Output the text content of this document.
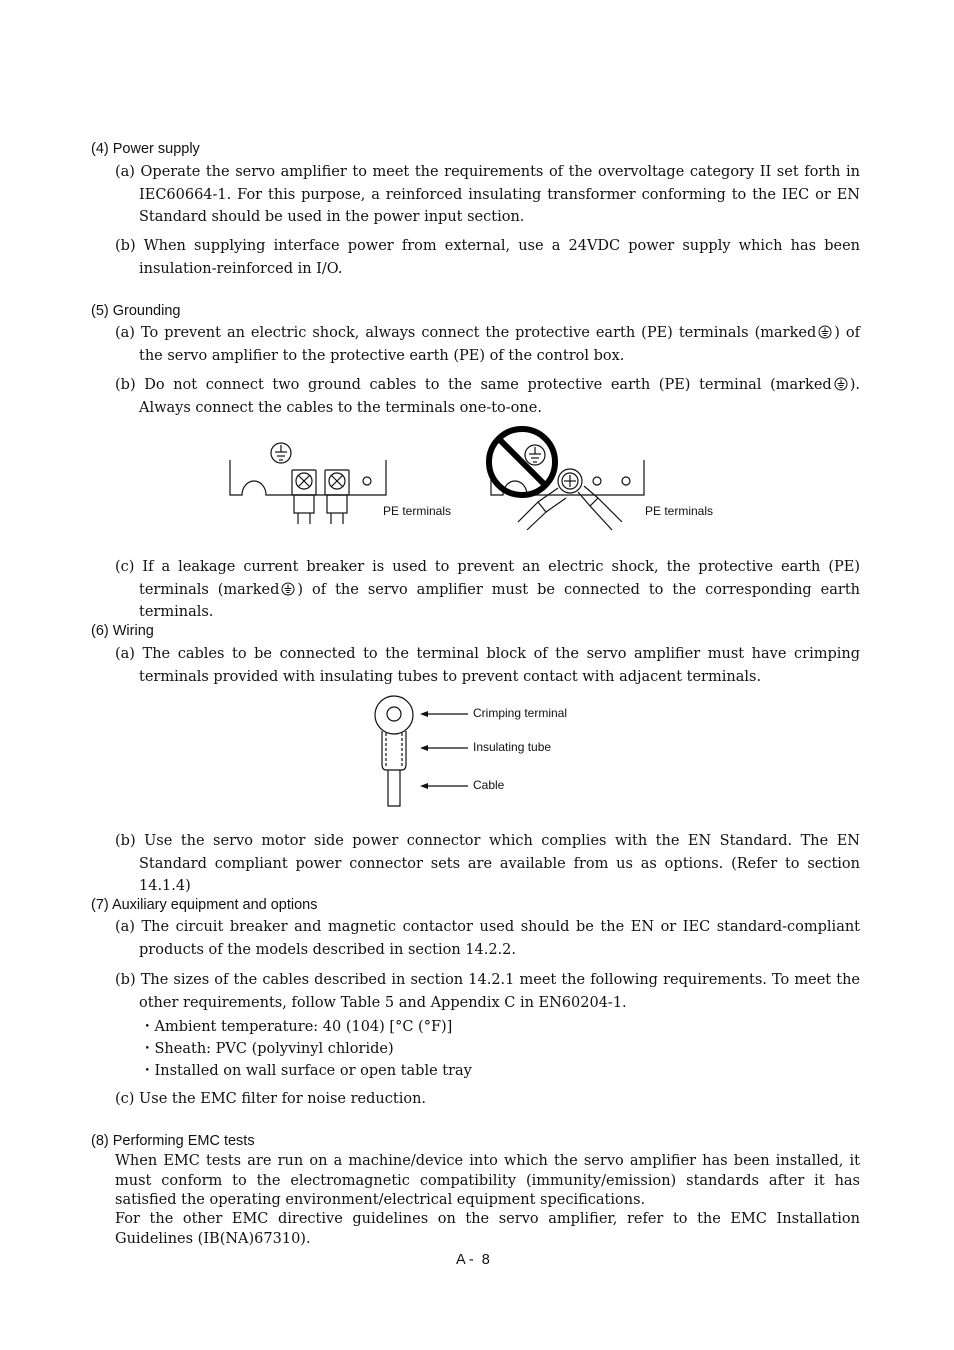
(4) Power supply
(a) Operate the servo amplifier to meet the requirements of the overvoltage category II set forth in IEC60664-1. For this purpose, a reinforced insulating transformer conforming to the IEC or EN Standard should be used in the power input section.
(b) When supplying interface power from external, use a 24VDC power supply which has been insulation-reinforced in I/O.
(5) Grounding
(a) To prevent an electric shock, always connect the protective earth (PE) terminals (marked ) of the servo amplifier to the protective earth (PE) of the control box.
(b) Do not connect two ground cables to the same protective earth (PE) terminal (marked ). Always connect the cables to the terminals one-to-one.
PE terminals	PE terminals
(c) If a leakage current breaker is used to prevent an electric shock, the protective earth (PE) terminals (marked ) of the servo amplifier must be connected to the corresponding earth terminals.
(6) Wiring
(a) The cables to be connected to the terminal block of the servo amplifier must have crimping terminals provided with insulating tubes to prevent contact with adjacent terminals.
Crimping terminal
Insulating tube
Cable
(b) Use the servo motor side power connector which complies with the EN Standard. The EN Standard compliant power connector sets are available from us as options. (Refer to section 14.1.4)
(7) Auxiliary equipment and options
(a) The circuit breaker and magnetic contactor used should be the EN or IEC standard-compliant products of the models described in section 14.2.2.
(b) The sizes of the cables described in section 14.2.1 meet the following requirements. To meet the other requirements, follow Table 5 and Appendix C in EN60204-1.
・Ambient temperature: 40 (104) [°C (°F)]
・Sheath: PVC (polyvinyl chloride)
・Installed on wall surface or open table tray
(c) Use the EMC filter for noise reduction.
(8) Performing EMC tests
When EMC tests are run on a machine/device into which the servo amplifier has been installed, it must conform to the electromagnetic compatibility (immunity/emission) standards after it has satisfied the operating environment/electrical equipment specifications.
For the other EMC directive guidelines on the servo amplifier, refer to the EMC Installation Guidelines (IB(NA)67310).
A -  8
